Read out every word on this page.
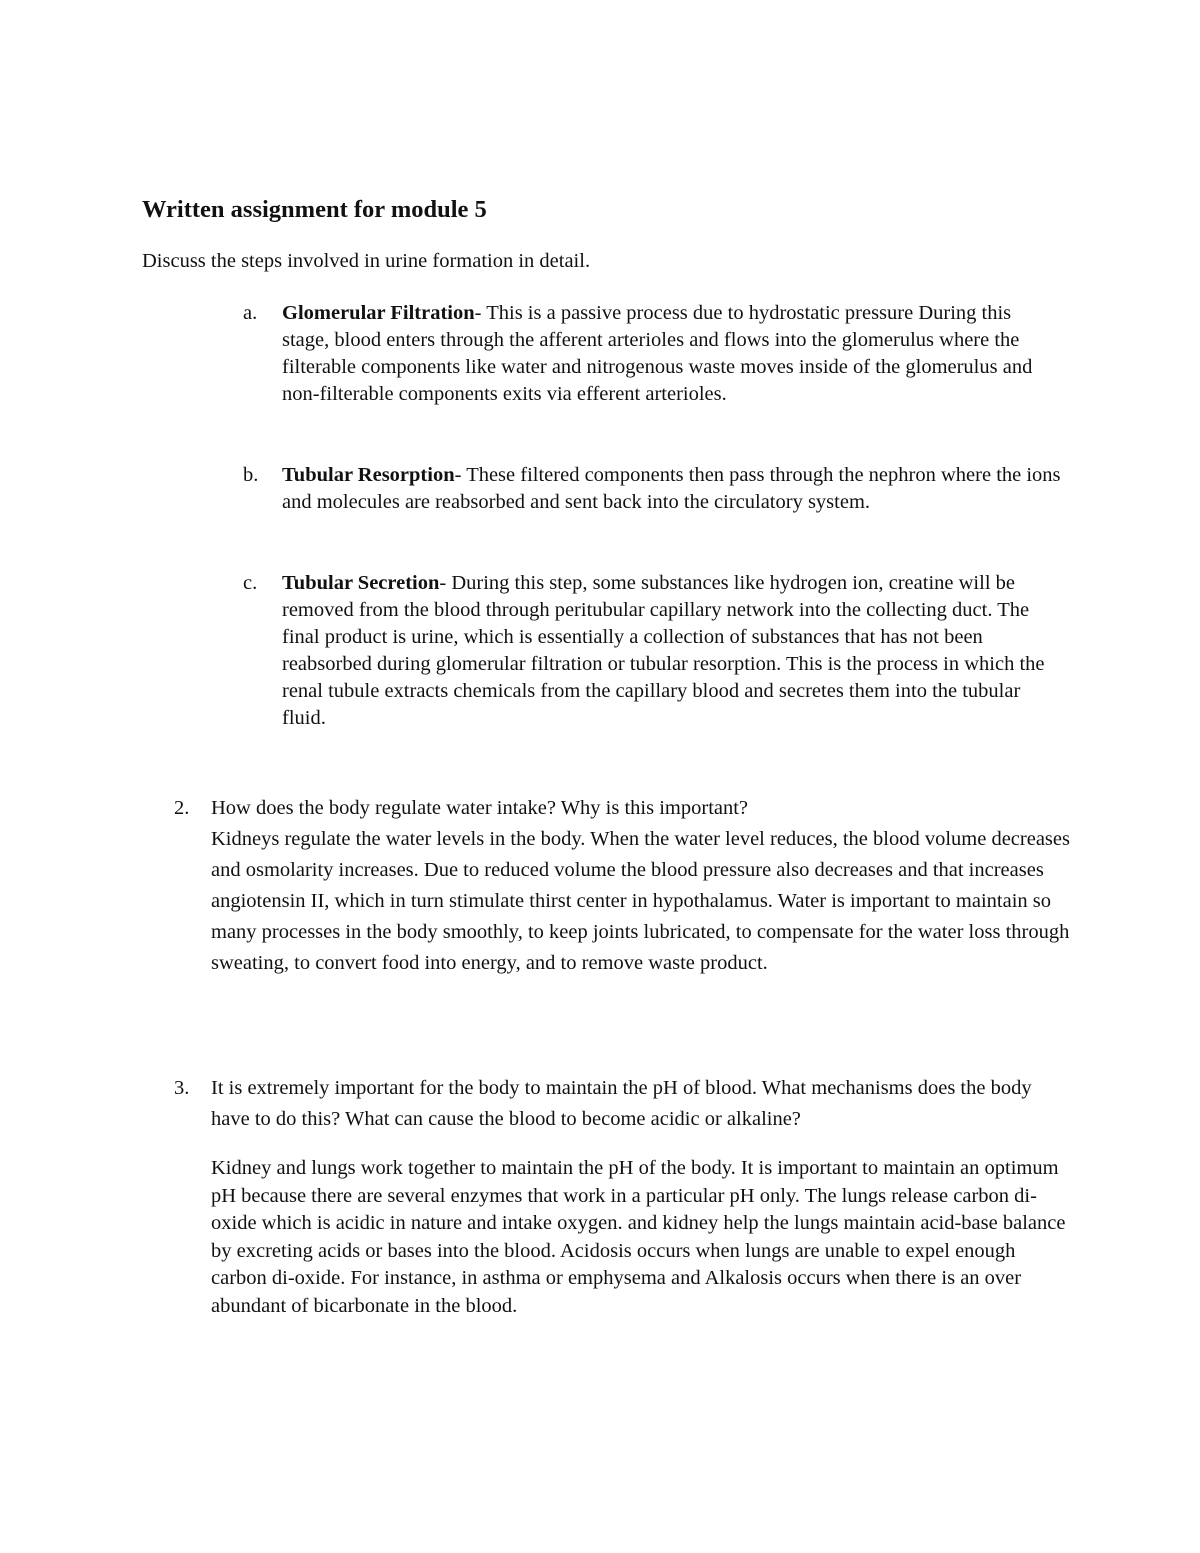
Written assignment for module 5
Discuss the steps involved in urine formation in detail.
a.	Glomerular Filtration- This is a passive process due to hydrostatic pressure During this stage, blood enters through the afferent arterioles and flows into the glomerulus where the filterable components like water and nitrogenous waste moves inside of the glomerulus and non-filterable components exits via efferent arterioles.
b.	Tubular Resorption- These filtered components then pass through the nephron where the ions and molecules are reabsorbed and sent back into the circulatory system.
c.	Tubular Secretion- During this step, some substances like hydrogen ion, creatine will be removed from the blood through peritubular capillary network into the collecting duct. The final product is urine, which is essentially a collection of substances that has not been reabsorbed during glomerular filtration or tubular resorption. This is the process in which the renal tubule extracts chemicals from the capillary blood and secretes them into the tubular fluid.
2.	How does the body regulate water intake? Why is this important?

Kidneys regulate the water levels in the body. When the water level reduces, the blood volume decreases and osmolarity increases. Due to reduced volume the blood pressure also decreases and that increases angiotensin II, which in turn stimulate thirst center in hypothalamus. Water is important to maintain so many processes in the body smoothly, to keep joints lubricated, to compensate for the water loss through sweating, to convert food into energy, and to remove waste product.

3.	It is extremely important for the body to maintain the pH of blood. What mechanisms does the body have to do this? What can cause the blood to become acidic or alkaline?

Kidney and lungs work together to maintain the pH of the body. It is important to maintain an optimum pH because there are several enzymes that work in a particular pH only. The lungs release carbon di-oxide which is acidic in nature and intake oxygen. and kidney help the lungs maintain acid-base balance by excreting acids or bases into the blood. Acidosis occurs when lungs are unable to expel enough carbon di-oxide. For instance, in asthma or emphysema and Alkalosis occurs when there is an over abundant of bicarbonate in the blood.
